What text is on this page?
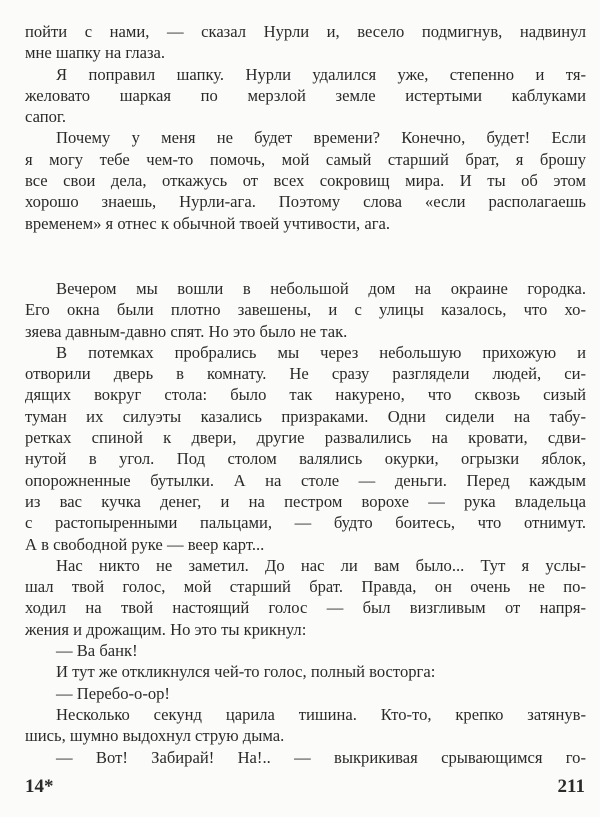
пойти с нами, — сказал Нурли и, весело подмигнув, надвинул
мне шапку на глаза.
Я поправил шапку. Нурли удалился уже, степенно и тя-
желовато шаркая по мерзлой земле истертыми каблуками
сапог.
Почему у меня не будет времени? Конечно, будет! Если
я могу тебе чем-то помочь, мой самый старший брат, я брошу
все свои дела, откажусь от всех сокровищ мира. И ты об этом
хорошо знаешь, Нурли-ага. Поэтому слова «если располагаешь
временем» я отнес к обычной твоей учтивости, ага.
Вечером мы вошли в небольшой дом на окраине городка.
Его окна были плотно завешены, и с улицы казалось, что хо-
зяева давным-давно спят. Но это было не так.
В потемках пробрались мы через небольшую прихожую и
отворили дверь в комнату. Не сразу разглядели людей, си-
дящих вокруг стола: было так накурено, что сквозь сизый
туман их силуэты казались призраками. Одни сидели на табу-
ретках спиной к двери, другие развалились на кровати, сдви-
нутой в угол. Под столом валялись окурки, огрызки яблок,
опорожненные бутылки. А на столе — деньги. Перед каждым
из вас кучка денег, и на пестром ворохе — рука владельца
с растопыренными пальцами, — будто боитесь, что отнимут.
А в свободной руке — веер карт...
Нас никто не заметил. До нас ли вам было... Тут я услы-
шал твой голос, мой старший брат. Правда, он очень не по-
ходил на твой настоящий голос — был визгливым от напря-
жения и дрожащим. Но это ты крикнул:
— Ва банк!
И тут же откликнулся чей-то голос, полный восторга:
— Перебо-о-ор!
Несколько секунд царила тишина. Кто-то, крепко затянув-
шись, шумно выдохнул струю дыма.
— Вот! Забирай! На!.. — выкрикивая срывающимся го-
14*	211
